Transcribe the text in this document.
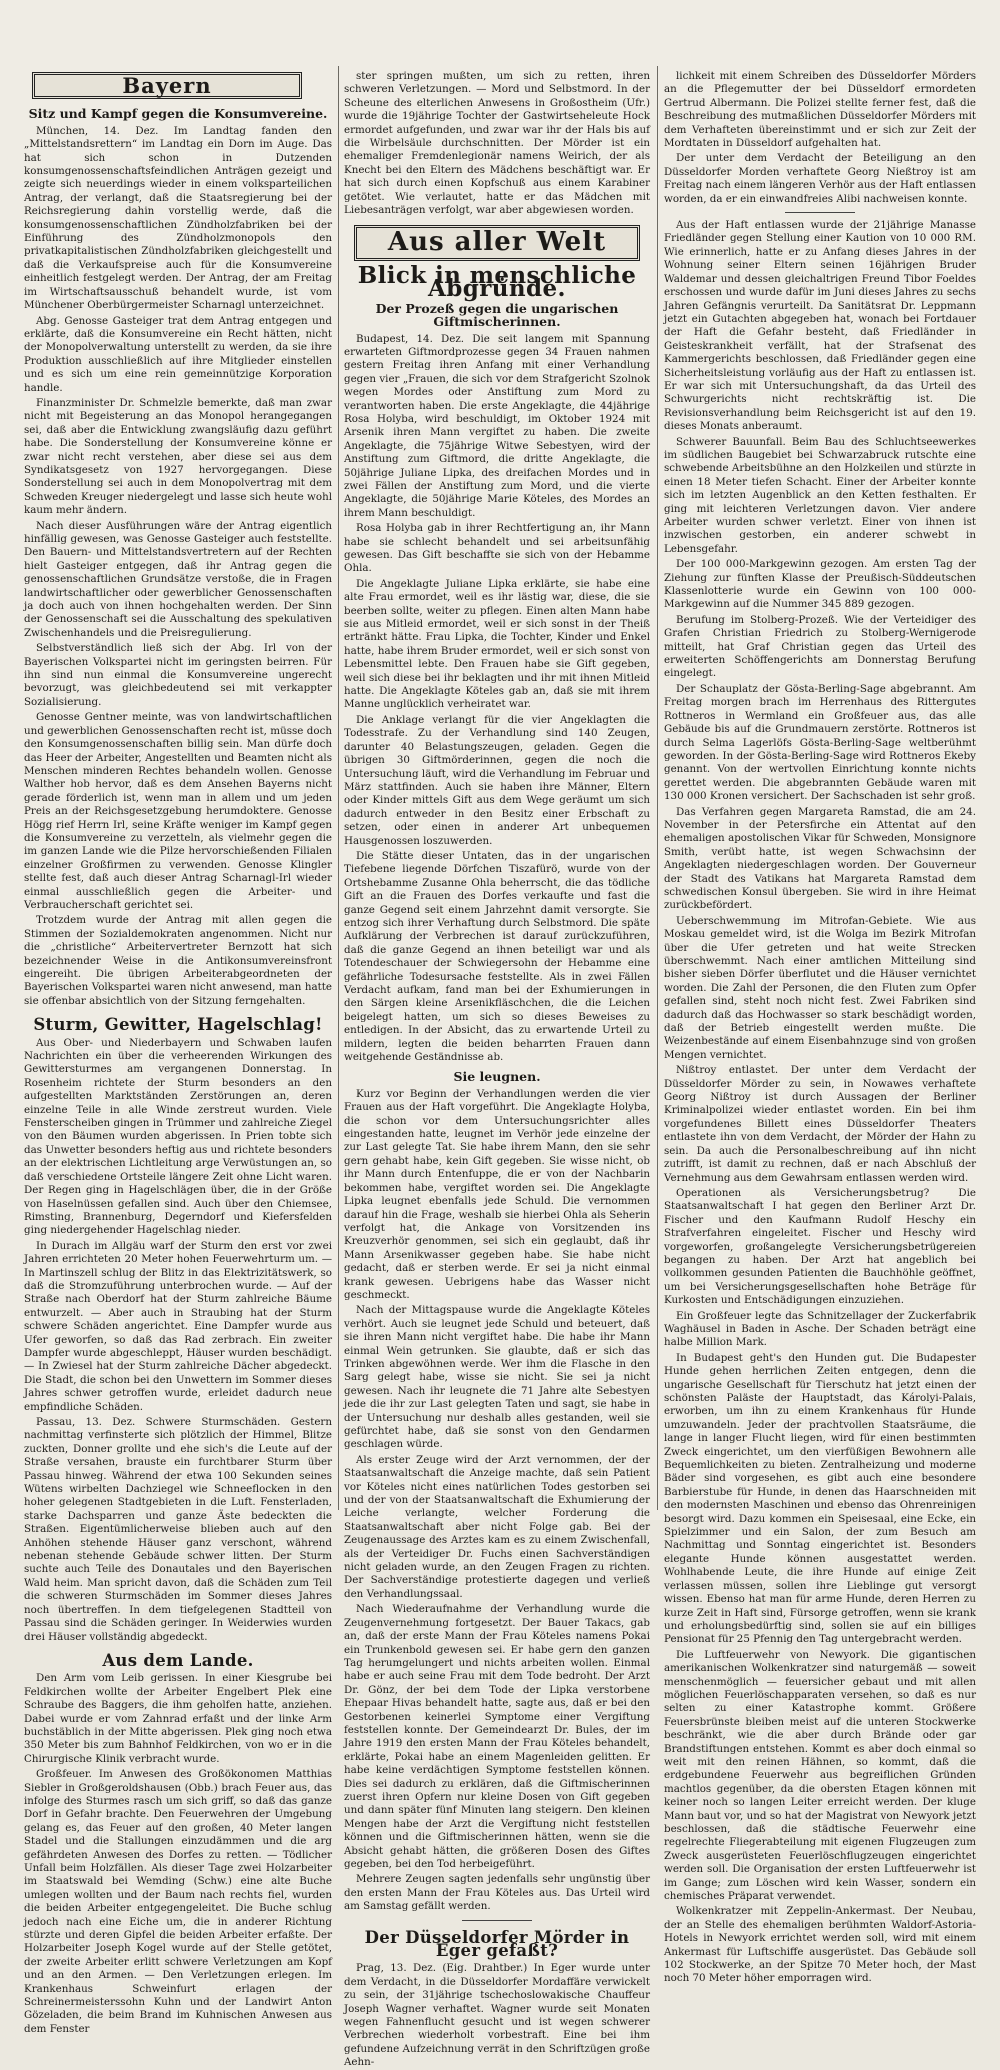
Bayern
Sitz und Kampf gegen die Konsumvereine.

München, 14. Dez. Im Landtag fanden den „Mittelstandsrettern“ im Landtag ein Dorn im Auge. Das hat sich schon in Dutzenden konsumgenossenschaftsfeindlichen Anträgen gezeigt und zeigte sich neuerdings wieder in einem volksparteilichen Antrag, der verlangt, daß die Staatsregierung bei der Reichsregierung dahin vorstellig werde, daß die konsumgenossenschaftlichen Zündholzfabriken bei der Einführung des Zündholzmonopols den privatkapitalistischen Zündholzfabriken gleichgestellt und daß die Verkaufspreise auch für die Konsumvereine einheitlich festgelegt werden. Der Antrag, der am Freitag im Wirtschaftsausschuß behandelt wurde, ist vom Münchener Oberbürgermeister Scharnagl unterzeichnet.

Abg. Genosse Gasteiger trat dem Antrag entgegen und erklärte, daß die Konsumvereine ein Recht hätten, nicht der Monopolverwaltung unterstellt zu werden, da sie ihre Produktion ausschließlich auf ihre Mitglieder einstellen und es sich um eine rein gemeinnützige Korporation handle.

Finanzminister Dr. Schmelzle bemerkte, daß man zwar nicht mit Begeisterung an das Monopol herangegangen sei, daß aber die Entwicklung zwangsläufig dazu geführt habe. Die Sonderstellung der Konsumvereine könne er zwar nicht recht verstehen, aber diese sei aus dem Syndikatsgesetz von 1927 hervorgegangen. Diese Sonderstellung sei auch in dem Monopolvertrag mit dem Schweden Kreuger niedergelegt und lasse sich heute wohl kaum mehr ändern.

Nach dieser Ausführungen wäre der Antrag eigentlich hinfällig gewesen, was Genosse Gasteiger auch feststellte. Den Bauern- und Mittelstandsvertretern auf der Rechten hielt Gasteiger entgegen, daß ihr Antrag gegen die genossenschaftlichen Grundsätze verstoße, die in Fragen landwirtschaftlicher oder gewerblicher Genossenschaften ja doch auch von ihnen hochgehalten werden. Der Sinn der Genossenschaft sei die Ausschaltung des spekulativen Zwischenhandels und die Preisregulierung.

Selbstverständlich ließ sich der Abg. Irl von der Bayerischen Volkspartei nicht im geringsten beirren. Für ihn sind nun einmal die Konsumvereine ungerecht bevorzugt, was gleichbedeutend sei mit verkappter Sozialisierung.

Genosse Gentner meinte, was von landwirtschaftlichen und gewerblichen Genossenschaften recht ist, müsse doch den Konsumgenossenschaften billig sein. Man dürfe doch das Heer der Arbeiter, Angestellten und Beamten nicht als Menschen minderen Rechtes behandeln wollen. Genosse Walther hob hervor, daß es dem Ansehen Bayerns nicht gerade förderlich ist, wenn man in allem und um jeden Preis an der Reichsgesetzgebung herumdoktere. Genosse Högg rief Herrn Irl, seine Kräfte weniger im Kampf gegen die Konsumvereine zu verzetteln, als vielmehr gegen die im ganzen Lande wie die Pilze hervorschießenden Filialen einzelner Großfirmen zu verwenden. Genosse Klingler stellte fest, daß auch dieser Antrag Scharnagl-Irl wieder einmal ausschließlich gegen die Arbeiter- und Verbraucherschaft gerichtet sei.

Trotzdem wurde der Antrag mit allen gegen die Stimmen der Sozialdemokraten angenommen. Nicht nur die „christliche“ Arbeitervertreter Bernzott hat sich bezeichnender Weise in die Antikonsumvereinsfront eingereiht. Die übrigen Arbeiterabgeordneten der Bayerischen Volkspartei waren nicht anwesend, man hatte sie offenbar absichtlich von der Sitzung ferngehalten.

Sturm, Gewitter, Hagelschlag!

Aus Ober- und Niederbayern und Schwaben laufen Nachrichten ein über die verheerenden Wirkungen des Gewittersturmes am vergangenen Donnerstag. In Rosenheim richtete der Sturm besonders an den aufgestellten Marktständen Zerstörungen an, deren einzelne Teile in alle Winde zerstreut wurden. Viele Fensterscheiben gingen in Trümmer und zahlreiche Ziegel von den Bäumen wurden abgerissen. In Prien tobte sich das Unwetter besonders heftig aus und richtete besonders an der elektrischen Lichtleitung arge Verwüstungen an, so daß verschiedene Ortsteile längere Zeit ohne Licht waren. Der Regen ging in Hagelschlägen über, die in der Größe von Haselnüssen gefallen sind. Auch über den Chiemsee, Rimsting, Brannenburg, Degerndorf und Kiefersfelden ging niedergehender Hagelschlag nieder.

In Durach im Allgäu warf der Sturm den erst vor zwei Jahren errichteten 20 Meter hohen Feuerwehrturm um. — In Martinszell schlug der Blitz in das Elektrizitätswerk, so daß die Stromzuführung unterbrochen wurde. — Auf der Straße nach Oberdorf hat der Sturm zahlreiche Bäume entwurzelt. — Aber auch in Straubing hat der Sturm schwere Schäden angerichtet. Eine Dampfer wurde aus Ufer geworfen, so daß das Rad zerbrach. Ein zweiter Dampfer wurde abgeschleppt, Häuser wurden beschädigt. — In Zwiesel hat der Sturm zahlreiche Dächer abgedeckt. Die Stadt, die schon bei den Unwettern im Sommer dieses Jahres schwer getroffen wurde, erleidet dadurch neue empfindliche Schäden.

Passau, 13. Dez. Schwere Sturmschäden. Gestern nachmittag verfinsterte sich plötzlich der Himmel, Blitze zuckten, Donner grollte und ehe sich's die Leute auf der Straße versahen, brauste ein furchtbarer Sturm über Passau hinweg. Während der etwa 100 Sekunden seines Wütens wirbelten Dachziegel wie Schneeflocken in den hoher gelegenen Stadtgebieten in die Luft. Fensterladen, starke Dachsparren und ganze Äste bedeckten die Straßen. Eigentümlicherweise blieben auch auf den Anhöhen stehende Häuser ganz verschont, während nebenan stehende Gebäude schwer litten. Der Sturm suchte auch Teile des Donautales und den Bayerischen Wald heim. Man spricht davon, daß die Schäden zum Teil die schweren Sturmschäden im Sommer dieses Jahres noch übertreffen. In dem tiefgelegenen Stadtteil von Passau sind die Schäden geringer. In Weiderwies wurden drei Häuser vollständig abgedeckt.

Aus dem Lande.

Den Arm vom Leib gerissen. In einer Kiesgrube bei Feldkirchen wollte der Arbeiter Engelbert Plek eine Schraube des Baggers, die ihm geholfen hatte, anziehen. Dabei wurde er vom Zahnrad erfaßt und der linke Arm buchstäblich in der Mitte abgerissen. Plek ging noch etwa 350 Meter bis zum Bahnhof Feldkirchen, von wo er in die Chirurgische Klinik verbracht wurde.

Großfeuer. Im Anwesen des Großökonomen Matthias Siebler in Großgeroldshausen (Obb.) brach Feuer aus, das infolge des Sturmes rasch um sich griff, so daß das ganze Dorf in Gefahr brachte. Den Feuerwehren der Umgebung gelang es, das Feuer auf den großen, 40 Meter langen Stadel und die Stallungen einzudämmen und die arg gefährdeten Anwesen des Dorfes zu retten. — Tödlicher Unfall beim Holzfällen. Als dieser Tage zwei Holzarbeiter im Staatswald bei Wemding (Schw.) eine alte Buche umlegen wollten und der Baum nach rechts fiel, wurden die beiden Arbeiter entgegengeleitet. Die Buche schlug jedoch nach eine Eiche um, die in anderer Richtung stürzte und deren Gipfel die beiden Arbeiter erfaßte. Der Holzarbeiter Joseph Kogel wurde auf der Stelle getötet, der zweite Arbeiter erlitt schwere Verletzungen am Kopf und an den Armen. — Den Verletzungen erlegen. Im Krankenhaus Schweinfurt erlagen der Schreinermeisterssohn Kuhn und der Landwirt Anton Gözeladen, die beim Brand im Kuhnischen Anwesen aus dem Fenster

ster springen mußten, um sich zu retten, ihren schweren Verletzungen. — Mord und Selbstmord. In der Scheune des elterlichen Anwesens in Großostheim (Ufr.) wurde die 19jährige Tochter der Gastwirtseheleute Hock ermordet aufgefunden, und zwar war ihr der Hals bis auf die Wirbelsäule durchschnitten. Der Mörder ist ein ehemaliger Fremdenlegionär namens Weirich, der als Knecht bei den Eltern des Mädchens beschäftigt war. Er hat sich durch einen Kopfschuß aus einem Karabiner getötet. Wie verlautet, hatte er das Mädchen mit Liebesanträgen verfolgt, war aber abgewiesen worden.

Aus aller Welt
Blick in menschliche Abgründe.
Der Prozeß gegen die ungarischen Giftmischerinnen.

Budapest, 14. Dez. Die seit langem mit Spannung erwarteten Giftmordprozesse gegen 34 Frauen nahmen gestern Freitag ihren Anfang mit einer Verhandlung gegen vier „Frauen, die sich vor dem Strafgericht Szolnok wegen Mordes oder Anstiftung zum Mord zu verantworten haben. Die erste Angeklagte, die 44jährige Rosa Holyba, wird beschuldigt, im Oktober 1924 mit Arsenik ihren Mann vergiftet zu haben. Die zweite Angeklagte, die 75jährige Witwe Sebestyen, wird der Anstiftung zum Giftmord, die dritte Angeklagte, die 50jährige Juliane Lipka, des dreifachen Mordes und in zwei Fällen der Anstiftung zum Mord, und die vierte Angeklagte, die 50jährige Marie Köteles, des Mordes an ihrem Mann beschuldigt.

Rosa Holyba gab in ihrer Rechtfertigung an, ihr Mann habe sie schlecht behandelt und sei arbeitsunfähig gewesen. Das Gift beschaffte sie sich von der Hebamme Ohla.

Die Angeklagte Juliane Lipka erklärte, sie habe eine alte Frau ermordet, weil es ihr lästig war, diese, die sie beerben sollte, weiter zu pflegen. Einen alten Mann habe sie aus Mitleid ermordet, weil er sich sonst in der Theiß ertränkt hätte. Frau Lipka, die Tochter, Kinder und Enkel hatte, habe ihrem Bruder ermordet, weil er sich sonst von Lebensmittel lebte. Den Frauen habe sie Gift gegeben, weil sich diese bei ihr beklagten und ihr mit ihnen Mitleid hatte. Die Angeklagte Köteles gab an, daß sie mit ihrem Manne unglücklich verheiratet war.

Die Anklage verlangt für die vier Angeklagten die Todesstrafe. Zu der Verhandlung sind 140 Zeugen, darunter 40 Belastungszeugen, geladen. Gegen die übrigen 30 Giftmörderinnen, gegen die noch die Untersuchung läuft, wird die Verhandlung im Februar und März stattfinden. Auch sie haben ihre Männer, Eltern oder Kinder mittels Gift aus dem Wege geräumt um sich dadurch entweder in den Besitz einer Erbschaft zu setzen, oder einen in anderer Art unbequemen Hausgenossen loszuwerden.

Die Stätte dieser Untaten, das in der ungarischen Tiefebene liegende Dörfchen Tiszafürö, wurde von der Ortshebamme Zusanne Ohla beherrscht, die das tödliche Gift an die Frauen des Dorfes verkaufte und fast die ganze Gegend seit einem Jahrzehnt damit versorgte. Sie entzog sich ihrer Verhaftung durch Selbstmord. Die späte Aufklärung der Verbrechen ist darauf zurückzuführen, daß die ganze Gegend an ihnen beteiligt war und als Totendeschauer der Schwiegersohn der Hebamme eine gefährliche Todesursache feststellte. Als in zwei Fällen Verdacht aufkam, fand man bei der Exhumierungen in den Särgen kleine Arsenikfläschchen, die die Leichen beigelegt hatten, um sich so dieses Beweises zu entledigen. In der Absicht, das zu erwartende Urteil zu mildern, legten die beiden beharrten Frauen dann weitgehende Geständnisse ab.

Sie leugnen.

Kurz vor Beginn der Verhandlungen werden die vier Frauen aus der Haft vorgeführt. Die Angeklagte Holyba, die schon vor dem Untersuchungsrichter alles eingestanden hatte, leugnet im Verhör jede einzelne der zur Last gelegte Tat. Sie habe ihrem Mann, den sie sehr gern gehabt habe, kein Gift gegeben. Sie wisse nicht, ob ihr Mann durch Entenfuppe, die er von der Nachbarin bekommen habe, vergiftet worden sei. Die Angeklagte Lipka leugnet ebenfalls jede Schuld. Die vernommen darauf hin die Frage, weshalb sie hierbei Ohla als Seherin verfolgt hat, die Ankage von Vorsitzenden ins Kreuzverhör genommen, sei sich ein geglaubt, daß ihr Mann Arsenikwasser gegeben habe. Sie habe nicht gedacht, daß er sterben werde. Er sei ja nicht einmal krank gewesen. Uebrigens habe das Wasser nicht geschmeckt.

Nach der Mittagspause wurde die Angeklagte Köteles verhört. Auch sie leugnet jede Schuld und beteuert, daß sie ihren Mann nicht vergiftet habe. Die habe ihr Mann einmal Wein getrunken. Sie glaubte, daß er sich das Trinken abgewöhnen werde. Wer ihm die Flasche in den Sarg gelegt habe, wisse sie nicht. Sie sei ja nicht gewesen. Nach ihr leugnete die 71 Jahre alte Sebestyen jede die ihr zur Last gelegten Taten und sagt, sie habe in der Untersuchung nur deshalb alles gestanden, weil sie gefürchtet habe, daß sie sonst von den Gendarmen geschlagen würde.

Als erster Zeuge wird der Arzt vernommen, der der Staatsanwaltschaft die Anzeige machte, daß sein Patient vor Köteles nicht eines natürlichen Todes gestorben sei und der von der Staatsanwaltschaft die Exhumierung der Leiche verlangte, welcher Forderung die Staatsanwaltschaft aber nicht Folge gab. Bei der Zeugenaussage des Arztes kam es zu einem Zwischenfall, als der Verteidiger Dr. Fuchs einen Sachverständigen nicht geladen wurde, an den Zeugen Fragen zu richten. Der Sachverständige protestierte dagegen und verließ den Verhandlungssaal.

Nach Wiederaufnahme der Verhandlung wurde die Zeugenvernehmung fortgesetzt. Der Bauer Takacs, gab an, daß der erste Mann der Frau Köteles namens Pokai ein Trunkenbold gewesen sei. Er habe gern den ganzen Tag herumgelungert und nichts arbeiten wollen. Einmal habe er auch seine Frau mit dem Tode bedroht. Der Arzt Dr. Gönz, der bei dem Tode der Lipka verstorbene Ehepaar Hivas behandelt hatte, sagte aus, daß er bei den Gestorbenen keinerlei Symptome einer Vergiftung feststellen konnte. Der Gemeindearzt Dr. Bules, der im Jahre 1919 den ersten Mann der Frau Köteles behandelt, erklärte, Pokai habe an einem Magenleiden gelitten. Er habe keine verdächtigen Symptome feststellen können. Dies sei dadurch zu erklären, daß die Giftmischerinnen zuerst ihren Opfern nur kleine Dosen von Gift gegeben und dann später fünf Minuten lang steigern. Den kleinen Mengen habe der Arzt die Vergiftung nicht feststellen können und die Giftmischerinnen hätten, wenn sie die Absicht gehabt hätten, die größeren Dosen des Giftes gegeben, bei den Tod herbeigeführt.

Mehrere Zeugen sagten jedenfalls sehr ungünstig über den ersten Mann der Frau Köteles aus. Das Urteil wird am Samstag gefällt werden.

Der Düsseldorfer Mörder in Eger gefaßt?

Prag, 13. Dez. (Eig. Drahtber.) In Eger wurde unter dem Verdacht, in die Düsseldorfer Mordaffäre verwickelt zu sein, der 31jährige tschechoslowakische Chauffeur Joseph Wagner verhaftet. Wagner wurde seit Monaten wegen Fahnenflucht gesucht und ist wegen schwerer Verbrechen wiederholt vorbestraft. Eine bei ihm gefundene Aufzeichnung verrät in den Schriftzügen große Aehn-

lichkeit mit einem Schreiben des Düsseldorfer Mörders an die Pflegemutter der bei Düsseldorf ermordeten Gertrud Albermann. Die Polizei stellte ferner fest, daß die Beschreibung des mutmaßlichen Düsseldorfer Mörders mit dem Verhafteten übereinstimmt und er sich zur Zeit der Mordtaten in Düsseldorf aufgehalten hat.

Der unter dem Verdacht der Beteiligung an den Düsseldorfer Morden verhaftete Georg Nießtroy ist am Freitag nach einem längeren Verhör aus der Haft entlassen worden, da er ein einwandfreies Alibi nachweisen konnte.

Aus der Haft entlassen wurde der 21jährige Manasse Friedländer gegen Stellung einer Kaution von 10 000 RM. Wie erinnerlich, hatte er zu Anfang dieses Jahres in der Wohnung seiner Eltern seinen 16jährigen Bruder Waldemar und dessen gleichaltrigen Freund Tibor Foeldes erschossen und wurde dafür im Juni dieses Jahres zu sechs Jahren Gefängnis verurteilt. Da Sanitätsrat Dr. Leppmann jetzt ein Gutachten abgegeben hat, wonach bei Fortdauer der Haft die Gefahr besteht, daß Friedländer in Geisteskrankheit verfällt, hat der Strafsenat des Kammergerichts beschlossen, daß Friedländer gegen eine Sicherheitsleistung vorläufig aus der Haft zu entlassen ist. Er war sich mit Untersuchungshaft, da das Urteil des Schwurgerichts nicht rechtskräftig ist. Die Revisionsverhandlung beim Reichsgericht ist auf den 19. dieses Monats anberaumt.

Schwerer Bauunfall. Beim Bau des Schluchtseewerkes im südlichen Baugebiet bei Schwarzabruck rutschte eine schwebende Arbeitsbühne an den Holzkeilen und stürzte in einen 18 Meter tiefen Schacht. Einer der Arbeiter konnte sich im letzten Augenblick an den Ketten festhalten. Er ging mit leichteren Verletzungen davon. Vier andere Arbeiter wurden schwer verletzt. Einer von ihnen ist inzwischen gestorben, ein anderer schwebt in Lebensgefahr.

Der 100 000-Markgewinn gezogen. Am ersten Tag der Ziehung zur fünften Klasse der Preußisch-Süddeutschen Klassenlotterie wurde ein Gewinn von 100 000-Markgewinn auf die Nummer 345 889 gezogen.

Berufung im Stolberg-Prozeß. Wie der Verteidiger des Grafen Christian Friedrich zu Stolberg-Wernigerode mitteilt, hat Graf Christian gegen das Urteil des erweiterten Schöffengerichts am Donnerstag Berufung eingelegt.

Der Schauplatz der Gösta-Berling-Sage abgebrannt. Am Freitag morgen brach im Herrenhaus des Rittergutes Rottneros in Wermland ein Großfeuer aus, das alle Gebäude bis auf die Grundmauern zerstörte. Rottneros ist durch Selma Lagerlöfs Gösta-Berling-Sage weltberühmt geworden. In der Gösta-Berling-Sage wird Rottneros Ekeby genannt. Von der wertvollen Einrichtung konnte nichts gerettet werden. Die abgebrannten Gebäude waren mit 130 000 Kronen versichert. Der Sachschaden ist sehr groß.

Das Verfahren gegen Margareta Ramstad, die am 24. November in der Petersfirche ein Attentat auf den ehemaligen apostolischen Vikar für Schweden, Monsignore Smith, verübt hatte, ist wegen Schwachsinn der Angeklagten niedergeschlagen worden. Der Gouverneur der Stadt des Vatikans hat Margareta Ramstad dem schwedischen Konsul übergeben. Sie wird in ihre Heimat zurückbefördert.

Ueberschwemmung im Mitrofan-Gebiete. Wie aus Moskau gemeldet wird, ist die Wolga im Bezirk Mitrofan über die Ufer getreten und hat weite Strecken überschwemmt. Nach einer amtlichen Mitteilung sind bisher sieben Dörfer überflutet und die Häuser vernichtet worden. Die Zahl der Personen, die den Fluten zum Opfer gefallen sind, steht noch nicht fest. Zwei Fabriken sind dadurch daß das Hochwasser so stark beschädigt worden, daß der Betrieb eingestellt werden mußte. Die Weizenbestände auf einem Eisenbahnzuge sind von großen Mengen vernichtet.

Nißtroy entlastet. Der unter dem Verdacht der Düsseldorfer Mörder zu sein, in Nowawes verhaftete Georg Nißtroy ist durch Aussagen der Berliner Kriminalpolizei wieder entlastet worden. Ein bei ihm vorgefundenes Billett eines Düsseldorfer Theaters entlastete ihn von dem Verdacht, der Mörder der Hahn zu sein. Da auch die Personalbeschreibung auf ihn nicht zutrifft, ist damit zu rechnen, daß er nach Abschluß der Vernehmung aus dem Gewahrsam entlassen werden wird.

Operationen als Versicherungsbetrug? Die Staatsanwaltschaft I hat gegen den Berliner Arzt Dr. Fischer und den Kaufmann Rudolf Heschy ein Strafverfahren eingeleitet. Fischer und Heschy wird vorgeworfen, großangelegte Versicherungsbetrügereien begangen zu haben. Der Arzt hat angeblich bei vollkommen gesunden Patienten die Bauchhöhle geöffnet, um bei Versicherungsgesellschaften hohe Beträge für Kurkosten und Entschädigungen einzuziehen.

Ein Großfeuer legte das Schnitzellager der Zuckerfabrik Waghäusel in Baden in Asche. Der Schaden beträgt eine halbe Million Mark.

In Budapest geht's den Hunden gut. Die Budapester Hunde gehen herrlichen Zeiten entgegen, denn die ungarische Gesellschaft für Tierschutz hat jetzt einen der schönsten Paläste der Hauptstadt, das Károlyi-Palais, erworben, um ihn zu einem Krankenhaus für Hunde umzuwandeln. Jeder der prachtvollen Staatsräume, die lange in langer Flucht liegen, wird für einen bestimmten Zweck eingerichtet, um den vierfüßigen Bewohnern alle Bequemlichkeiten zu bieten. Zentralheizung und moderne Bäder sind vorgesehen, es gibt auch eine besondere Barbierstube für Hunde, in denen das Haarschneiden mit den modernsten Maschinen und ebenso das Ohrenreinigen besorgt wird. Dazu kommen ein Speisesaal, eine Ecke, ein Spielzimmer und ein Salon, der zum Besuch am Nachmittag und Sonntag eingerichtet ist. Besonders elegante Hunde können ausgestattet werden. Wohlhabende Leute, die ihre Hunde auf einige Zeit verlassen müssen, sollen ihre Lieblinge gut versorgt wissen. Ebenso hat man für arme Hunde, deren Herren zu kurze Zeit in Haft sind, Fürsorge getroffen, wenn sie krank und erholungsbedürftig sind, sollen sie auf ein billiges Pensionat für 25 Pfennig den Tag untergebracht werden.

Die Luftfeuerwehr von Newyork. Die gigantischen amerikanischen Wolkenkratzer sind naturgemäß — soweit menschenmöglich — feuersicher gebaut und mit allen möglichen Feuerlöschapparaten versehen, so daß es nur selten zu einer Katastrophe kommt. Größere Feuersbrünste bleiben meist auf die unteren Stockwerke beschränkt, wie die aber durch Brände oder gar Brandstiftungen entstehen. Kommt es aber doch einmal so weit mit den reinen Hähnen, so kommt, daß die erdgebundene Feuerwehr aus begreiflichen Gründen machtlos gegenüber, da die obersten Etagen können mit keiner noch so langen Leiter erreicht werden. Der kluge Mann baut vor, und so hat der Magistrat von Newyork jetzt beschlossen, daß die städtische Feuerwehr eine regelrechte Fliegerabteilung mit eigenen Flugzeugen zum Zweck ausgerüsteten Feuerlöschflugzeugen eingerichtet werden soll. Die Organisation der ersten Luftfeuerwehr ist im Gange; zum Löschen wird kein Wasser, sondern ein chemisches Präparat verwendet.

Wolkenkratzer mit Zeppelin-Ankermast. Der Neubau, der an Stelle des ehemaligen berühmten Waldorf-Astoria-Hotels in Newyork errichtet werden soll, wird mit einem Ankermast für Luftschiffe ausgerüstet. Das Gebäude soll 102 Stockwerke, an der Spitze 70 Meter hoch, der Mast noch 70 Meter höher emporragen wird.
